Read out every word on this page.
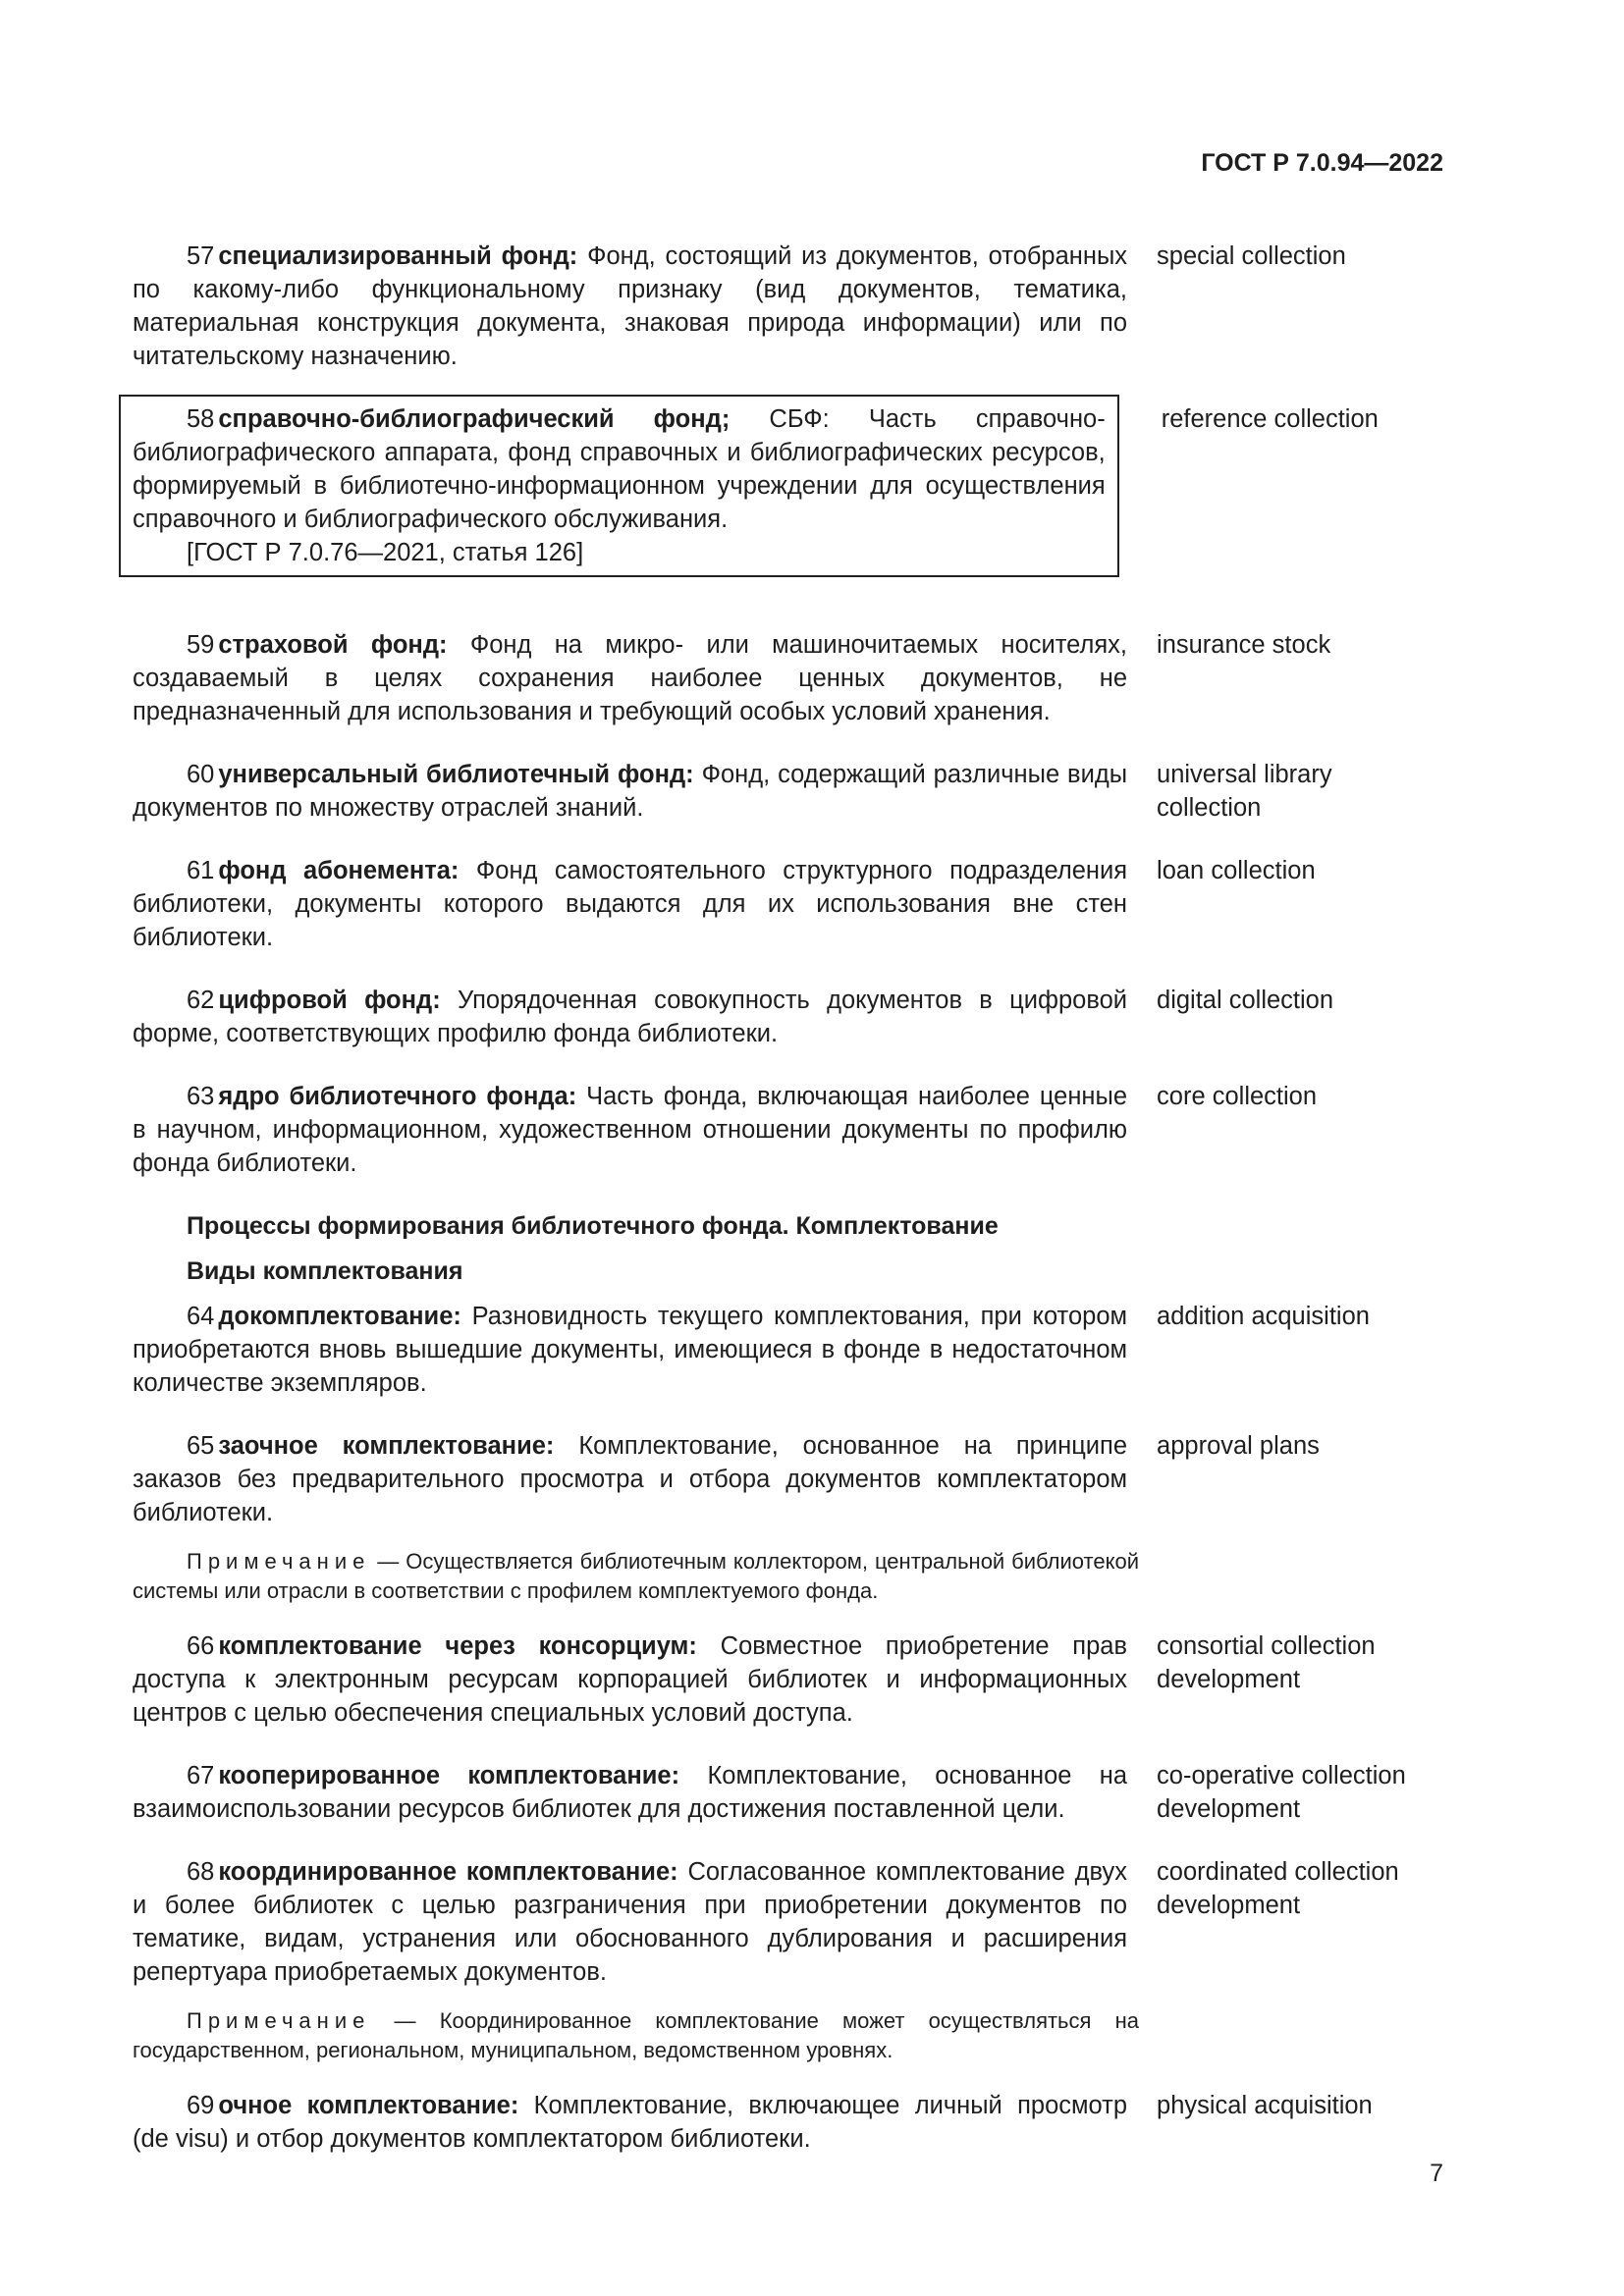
ГОСТ Р 7.0.94—2022
57 специализированный фонд: Фонд, состоящий из документов, отобранных по какому-либо функциональному признаку (вид документов, тематика, материальная конструкция документа, знаковая природа информации) или по читательскому назначению.
special collection
58 справочно-библиографический фонд; СБФ: Часть справочно-библиографического аппарата, фонд справочных и библиографических ресурсов, формируемый в библиотечно-информационном учреждении для осуществления справочного и библиографического обслуживания.
[ГОСТ Р 7.0.76—2021, статья 126]
reference collection
59 страховой фонд: Фонд на микро- или машиночитаемых носителях, создаваемый в целях сохранения наиболее ценных документов, не предназначенный для использования и требующий особых условий хранения.
insurance stock
60 универсальный библиотечный фонд: Фонд, содержащий различные виды документов по множеству отраслей знаний.
universal library collection
61 фонд абонемента: Фонд самостоятельного структурного подразделения библиотеки, документы которого выдаются для их использования вне стен библиотеки.
loan collection
62 цифровой фонд: Упорядоченная совокупность документов в цифровой форме, соответствующих профилю фонда библиотеки.
digital collection
63 ядро библиотечного фонда: Часть фонда, включающая наиболее ценные в научном, информационном, художественном отношении документы по профилю фонда библиотеки.
core collection
Процессы формирования библиотечного фонда. Комплектование
Виды комплектования
64 докомплектование: Разновидность текущего комплектования, при котором приобретаются вновь вышедшие документы, имеющиеся в фонде в недостаточном количестве экземпляров.
addition acquisition
65 заочное комплектование: Комплектование, основанное на принципе заказов без предварительного просмотра и отбора документов комплектатором библиотеки.
approval plans
Примечание — Осуществляется библиотечным коллектором, центральной библиотекой системы или отрасли в соответствии с профилем комплектуемого фонда.
66 комплектование через консорциум: Совместное приобретение прав доступа к электронным ресурсам корпорацией библиотек и информационных центров с целью обеспечения специальных условий доступа.
consortial collection development
67 кооперированное комплектование: Комплектование, основанное на взаимоиспользовании ресурсов библиотек для достижения поставленной цели.
co-operative collection development
68 координированное комплектование: Согласованное комплектование двух и более библиотек с целью разграничения при приобретении документов по тематике, видам, устранения или обоснованного дублирования и расширения репертуара приобретаемых документов.
coordinated collection development
Примечание — Координированное комплектование может осуществляться на государственном, региональном, муниципальном, ведомственном уровнях.
69 очное комплектование: Комплектование, включающее личный просмотр (de visu) и отбор документов комплектатором библиотеки.
physical acquisition
7
